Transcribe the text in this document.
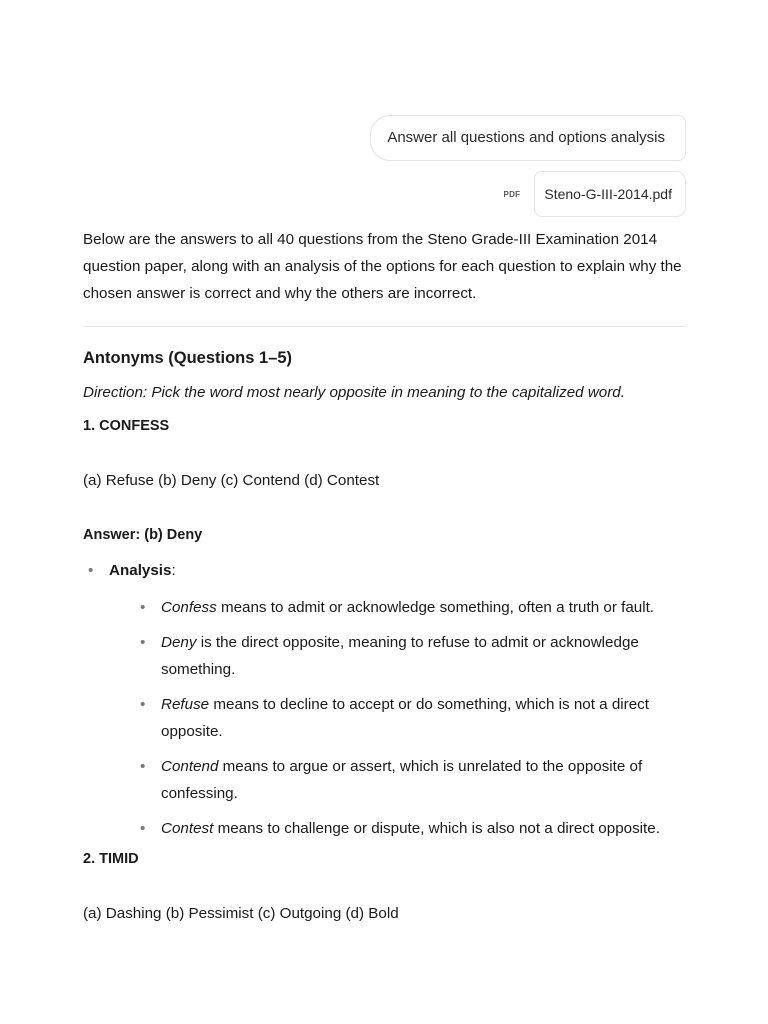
Answer all questions and options analysis
PDF	Steno-G-III-2014.pdf

Below are the answers to all 40 questions from the Steno Grade-III Examination 2014 question paper, along with an analysis of the options for each question to explain why the chosen answer is correct and why the others are incorrect.

Antonyms (Questions 1–5)

Direction: Pick the word most nearly opposite in meaning to the capitalized word.

1. CONFESS

(a) Refuse (b) Deny (c) Contend (d) Contest

Answer: (b) Deny

• Analysis:
• Confess means to admit or acknowledge something, often a truth or fault.
• Deny is the direct opposite, meaning to refuse to admit or acknowledge something.
• Refuse means to decline to accept or do something, which is not a direct opposite.
• Contend means to argue or assert, which is unrelated to the opposite of confessing.
• Contest means to challenge or dispute, which is also not a direct opposite.

2. TIMID

(a) Dashing (b) Pessimist (c) Outgoing (d) Bold
